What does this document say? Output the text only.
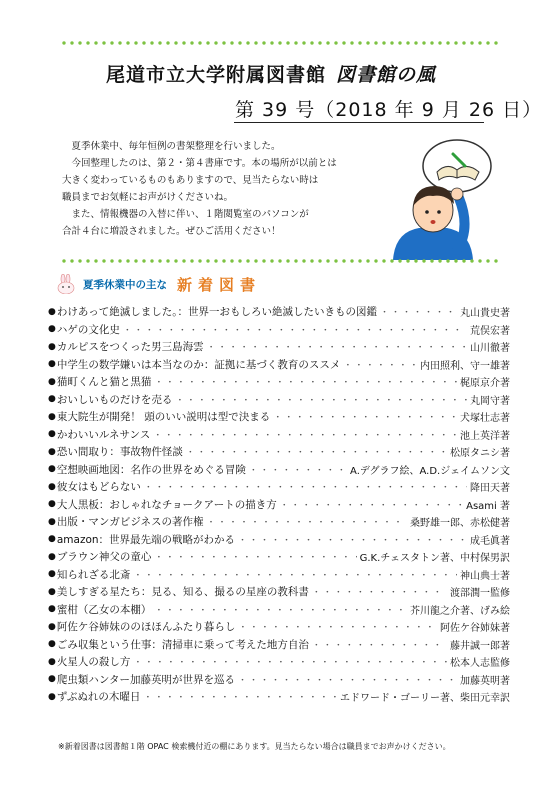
尾道市立大学附属図書館 図書館の風
第 39 号（2018 年 9 月 26 日）

　夏季休業中、毎年恒例の書架整理を行いました。

　今回整理したのは、第２・第４書庫です。本の場所が以前とは

大きく変わっているものもありますので、見当たらない時は

職員までお気軽にお声がけくださいね。

　また、情報機器の入替に伴い、１階閲覧室のパソコンが

合計４台に増設されました。ぜひご活用ください！

夏季休業中の主な 新着図書
● わけあって絶滅しました。：世界一おもしろい絶滅したいきもの図鑑 ・・・・・・・・・・・・・・・・・・・・・・・・・・・・・・・・・・・・・・・・・・・・・・・・	丸山貴史著
● ハゲの文化史 ・・・・・・・・・・・・・・・・・・・・・・・・・・・・・・・・・・・・・・・・・・・・・・・・	荒俣宏著
● カルピスをつくった男三島海雲 ・・・・・・・・・・・・・・・・・・・・・・・・・・・・・・・・・・・・・・・・・・・・・・・・	山川徹著
● 中学生の数学嫌いは本当なのか：証拠に基づく教育のススメ ・・・・・・・・・・・・・・・・・・・・・・・・・・・・・・・・・・・・・・・・・・・・・・・・	内田照利、守一雄著
● 猫町くんと猫と黒猫 ・・・・・・・・・・・・・・・・・・・・・・・・・・・・・・・・・・・・・・・・・・・・・・・・	梶原京介著
● おいしいものだけを売る ・・・・・・・・・・・・・・・・・・・・・・・・・・・・・・・・・・・・・・・・・・・・・・・・	丸岡守著
● 東大院生が開発！ 頭のいい説明は型で決まる ・・・・・・・・・・・・・・・・・・・・・・・・・・・・・・・・・・・・・・・・・・・・・・・・	犬塚壮志著
● かわいいルネサンス ・・・・・・・・・・・・・・・・・・・・・・・・・・・・・・・・・・・・・・・・・・・・・・・・	池上英洋著
● 恐い間取り：事故物件怪談 ・・・・・・・・・・・・・・・・・・・・・・・・・・・・・・・・・・・・・・・・・・・・・・・・	松原タニシ著
● 空想映画地図：名作の世界をめぐる冒険 ・・・・・・・・・・・・・・・・・・・・・・・・・・・・・・・・・・・・・・・・・・・・・・・・	A.デグラフ絵、A.D.ジェイムソン文
● 彼女はもどらない ・・・・・・・・・・・・・・・・・・・・・・・・・・・・・・・・・・・・・・・・・・・・・・・・	降田天著
● 大人黒板：おしゃれなチョークアートの描き方 ・・・・・・・・・・・・・・・・・・・・・・・・・・・・・・・・・・・・・・・・・・・・・・・・	Asami 著
● 出版・マンガビジネスの著作権 ・・・・・・・・・・・・・・・・・・・・・・・・・・・・・・・・・・・・・・・・・・・・・・・・	桑野雄一郎、赤松健著
● amazon：世界最先端の戦略がわかる ・・・・・・・・・・・・・・・・・・・・・・・・・・・・・・・・・・・・・・・・・・・・・・・・	成毛眞著
● ブラウン神父の童心 ・・・・・・・・・・・・・・・・・・・・・・・・・・・・・・・・・・・・・・・・・・・・・・・・	G.K.チェスタトン著、中村保男訳
● 知られざる北斎 ・・・・・・・・・・・・・・・・・・・・・・・・・・・・・・・・・・・・・・・・・・・・・・・・	神山典士著
● 美しすぎる星たち：見る、知る、撮るの星座の教科書 ・・・・・・・・・・・・・・・・・・・・・・・・・・・・・・・・・・・・・・・・・・・・・・・・	渡部潤一監修
● 蜜柑（乙女の本棚） ・・・・・・・・・・・・・・・・・・・・・・・・・・・・・・・・・・・・・・・・・・・・・・・・	芥川龍之介著、げみ絵
● 阿佐ケ谷姉妹ののほほんふたり暮らし ・・・・・・・・・・・・・・・・・・・・・・・・・・・・・・・・・・・・・・・・・・・・・・・・	阿佐ケ谷姉妹著
● ごみ収集という仕事：清掃車に乗って考えた地方自治 ・・・・・・・・・・・・・・・・・・・・・・・・・・・・・・・・・・・・・・・・・・・・・・・・	藤井誠一郎著
● 火星人の殺し方 ・・・・・・・・・・・・・・・・・・・・・・・・・・・・・・・・・・・・・・・・・・・・・・・・	松本人志監修
● 爬虫類ハンター加藤英明が世界を巡る ・・・・・・・・・・・・・・・・・・・・・・・・・・・・・・・・・・・・・・・・・・・・・・・・	加藤英明著
● ずぶぬれの木曜日 ・・・・・・・・・・・・・・・・・・・・・・・・・・・・・・・・・・・・・・・・・・・・・・・・	エドワード・ゴーリー著、柴田元幸訳
※新着図書は図書館１階 OPAC 検索機付近の棚にあります。見当たらない場合は職員までお声かけください。
